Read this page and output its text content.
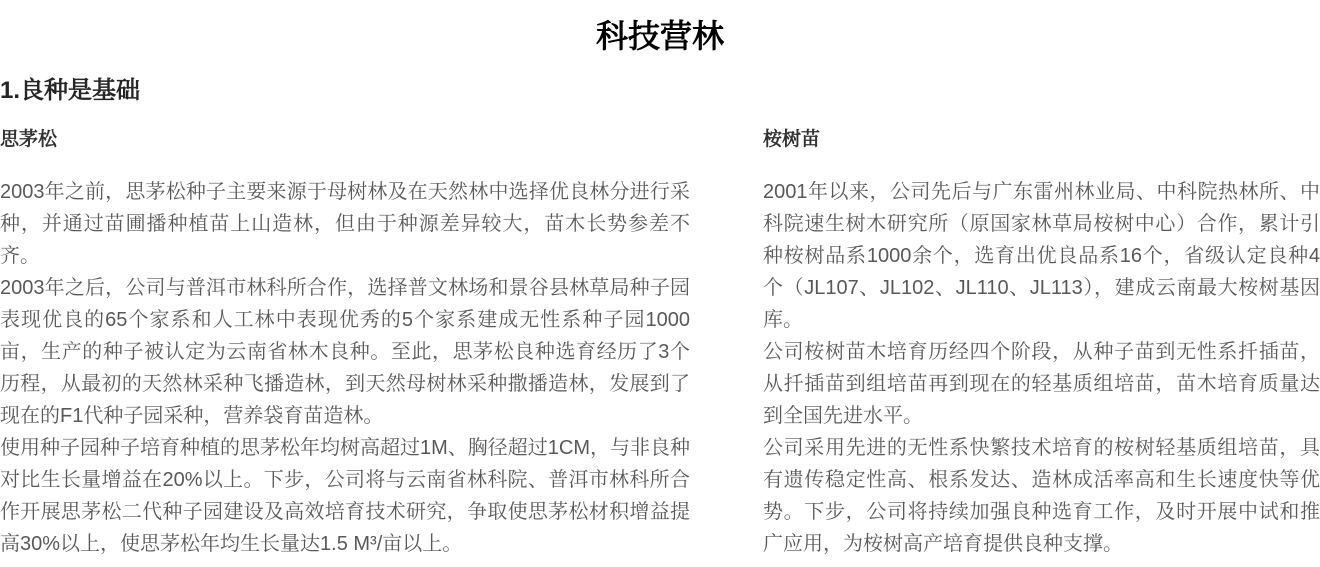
科技营林
1.良种是基础
思茅松

2003年之前，思茅松种子主要来源于母树林及在天然林中选择优良林分进行采种，并通过苗圃播种植苗上山造林，但由于种源差异较大，苗木长势参差不齐。

2003年之后，公司与普洱市林科所合作，选择普文林场和景谷县林草局种子园表现优良的65个家系和人工林中表现优秀的5个家系建成无性系种子园1000亩，生产的种子被认定为云南省林木良种。至此，思茅松良种选育经历了3个历程，从最初的天然林采种飞播造林，到天然母树林采种撒播造林，发展到了现在的F1代种子园采种，营养袋育苗造林。

使用种子园种子培育种植的思茅松年均树高超过1M、胸径超过1CM，与非良种对比生长量增益在20%以上。下步，公司将与云南省林科院、普洱市林科所合作开展思茅松二代种子园建设及高效培育技术研究，争取使思茅松材积增益提高30%以上，使思茅松年均生长量达1.5 M³/亩以上。

桉树苗

2001年以来，公司先后与广东雷州林业局、中科院热林所、中科院速生树木研究所（原国家林草局桉树中心）合作，累计引种桉树品系1000余个，选育出优良品系16个，省级认定良种4个（JL107、JL102、JL110、JL113），建成云南最大桉树基因库。

公司桉树苗木培育历经四个阶段，从种子苗到无性系扦插苗，从扦插苗到组培苗再到现在的轻基质组培苗，苗木培育质量达到全国先进水平。

公司采用先进的无性系快繁技术培育的桉树轻基质组培苗，具有遗传稳定性高、根系发达、造林成活率高和生长速度快等优势。下步，公司将持续加强良种选育工作，及时开展中试和推广应用，为桉树高产培育提供良种支撑。
